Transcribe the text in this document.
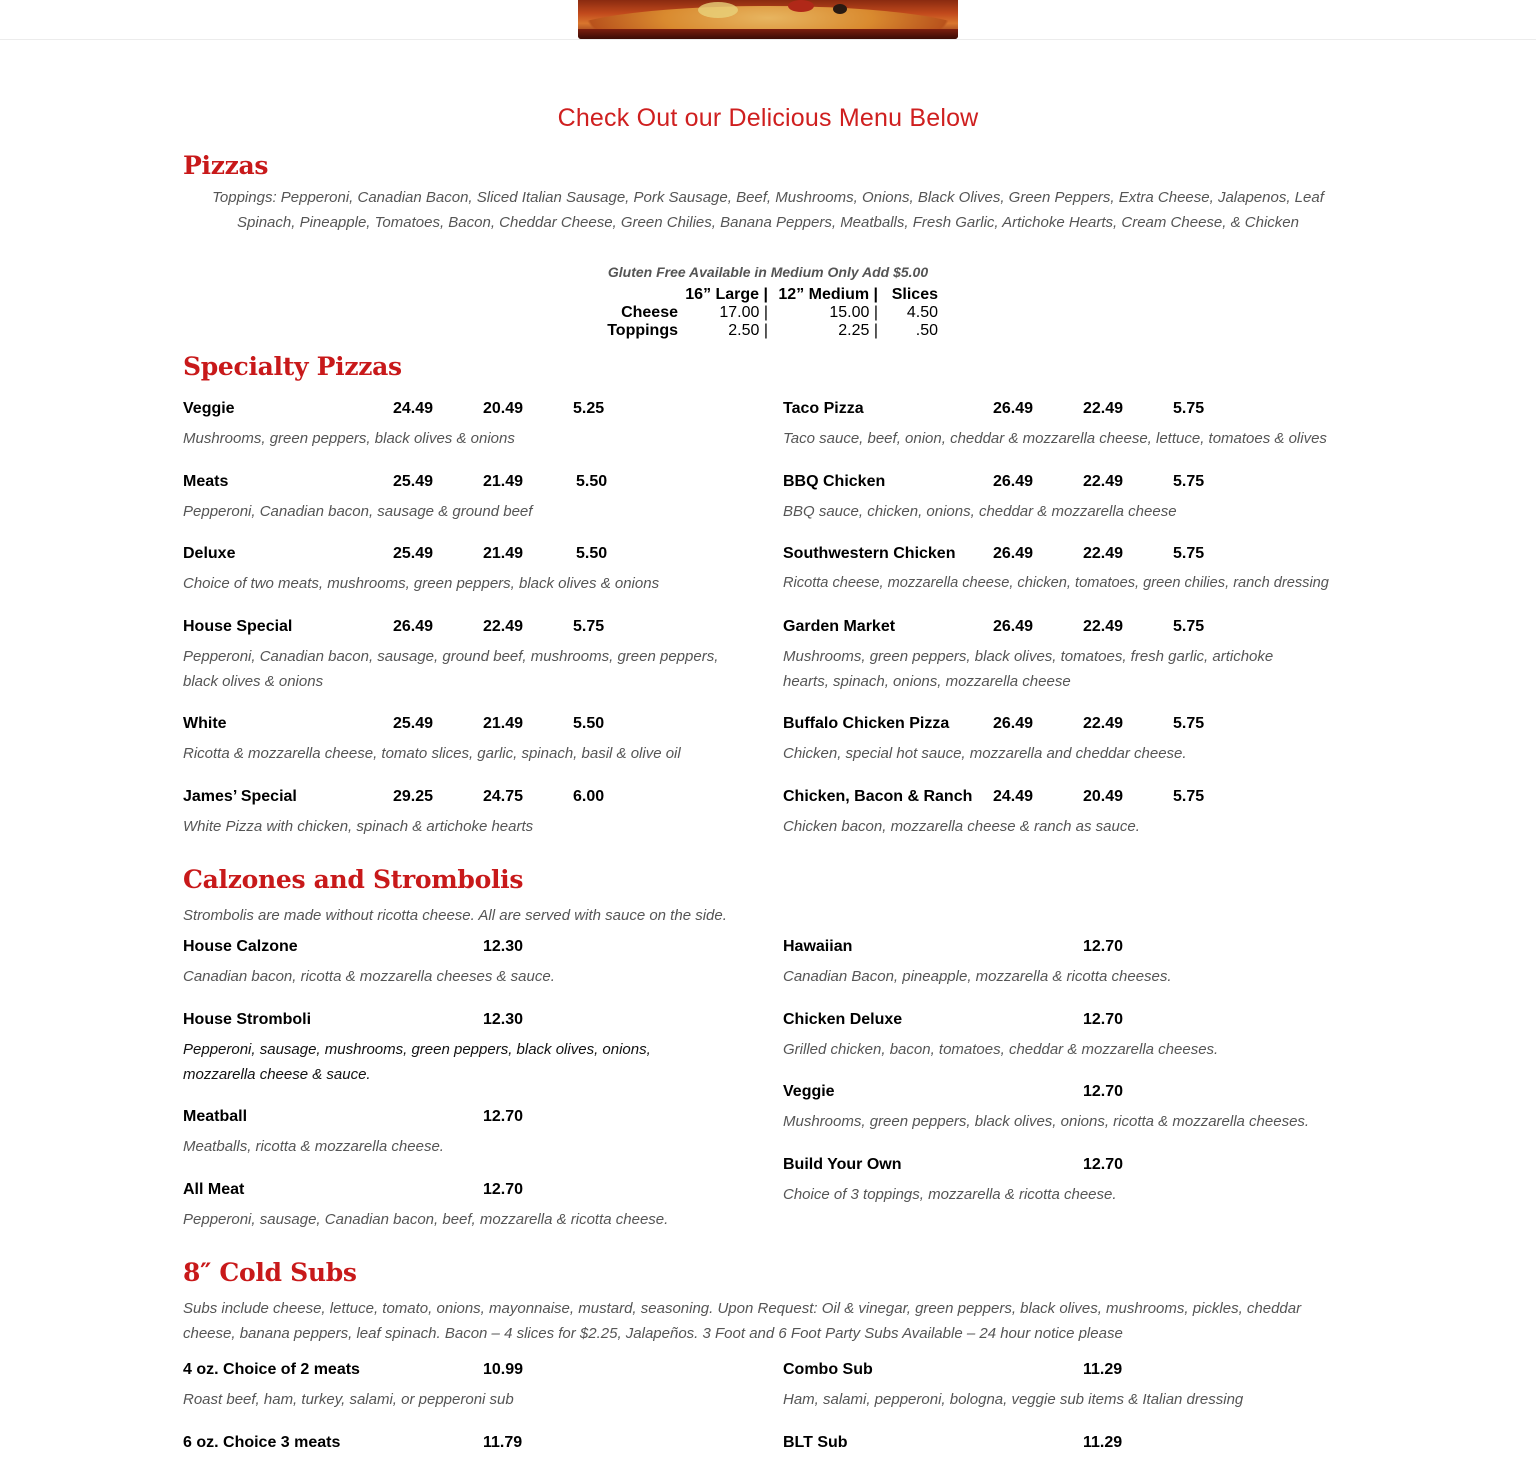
Check Out our Delicious Menu Below
Pizzas
Toppings: Pepperoni, Canadian Bacon, Sliced Italian Sausage, Pork Sausage, Beef, Mushrooms, Onions, Black Olives, Green Peppers, Extra Cheese, Jalapenos, Leaf Spinach, Pineapple, Tomatoes, Bacon, Cheddar Cheese, Green Chilies, Banana Peppers, Meatballs, Fresh Garlic, Artichoke Hearts, Cream Cheese, & Chicken
Gluten Free Available in Medium Only Add $5.00
	16” Large |	12” Medium |	Slices
Cheese	17.00 |	15.00 |	4.50
Toppings	2.50 |	2.25 |	.50
Specialty Pizzas
Veggie	24.49	20.49	5.25
Mushrooms, green peppers, black olives & onions
Meats	25.49	21.49	5.50
Pepperoni, Canadian bacon, sausage & ground beef
Deluxe	25.49	21.49	5.50
Choice of two meats, mushrooms, green peppers, black olives & onions
House Special	26.49	22.49	5.75
Pepperoni, Canadian bacon, sausage, ground beef, mushrooms, green peppers, black olives & onions
White	25.49	21.49	5.50
Ricotta & mozzarella cheese, tomato slices, garlic, spinach, basil & olive oil
James’ Special	29.25	24.75	6.00
White Pizza with chicken, spinach & artichoke hearts
Taco Pizza	26.49	22.49	5.75
Taco sauce, beef, onion, cheddar & mozzarella cheese, lettuce, tomatoes & olives
BBQ Chicken	26.49	22.49	5.75
BBQ sauce, chicken, onions, cheddar & mozzarella cheese
Southwestern Chicken 26.49	22.49	5.75
Ricotta cheese, mozzarella cheese, chicken, tomatoes, green chilies, ranch dressing
Garden Market	26.49	22.49	5.75
Mushrooms, green peppers, black olives, tomatoes, fresh garlic, artichoke hearts, spinach, onions, mozzarella cheese
Buffalo Chicken Pizza	26.49	22.49	5.75
Chicken, special hot sauce, mozzarella and cheddar cheese.
Chicken, Bacon & Ranch 24.49	20.49	5.75
Chicken bacon, mozzarella cheese & ranch as sauce.
Calzones and Strombolis
Strombolis are made without ricotta cheese. All are served with sauce on the side.
House Calzone	12.30
Canadian bacon, ricotta & mozzarella cheeses & sauce.
House Stromboli	12.30
Pepperoni, sausage, mushrooms, green peppers, black olives, onions, mozzarella cheese & sauce.
Meatball	12.70
Meatballs, ricotta & mozzarella cheese.
All Meat	12.70
Pepperoni, sausage, Canadian bacon, beef, mozzarella & ricotta cheese.
Hawaiian	12.70
Canadian Bacon, pineapple, mozzarella & ricotta cheeses.
Chicken Deluxe	12.70
Grilled chicken, bacon, tomatoes, cheddar & mozzarella cheeses.
Veggie	12.70
Mushrooms, green peppers, black olives, onions, ricotta & mozzarella cheeses.
Build Your Own	12.70
Choice of 3 toppings, mozzarella & ricotta cheese.
8″ Cold Subs
Subs include cheese, lettuce, tomato, onions, mayonnaise, mustard, seasoning. Upon Request: Oil & vinegar, green peppers, black olives, mushrooms, pickles, cheddar cheese, banana peppers, leaf spinach. Bacon – 4 slices for $2.25, Jalapeños. 3 Foot and 6 Foot Party Subs Available – 24 hour notice please
4 oz. Choice of 2 meats	10.99
Roast beef, ham, turkey, salami, or pepperoni sub
6 oz. Choice 3 meats	11.79
Combo Sub	11.29
Ham, salami, pepperoni, bologna, veggie sub items & Italian dressing
BLT Sub	11.29
